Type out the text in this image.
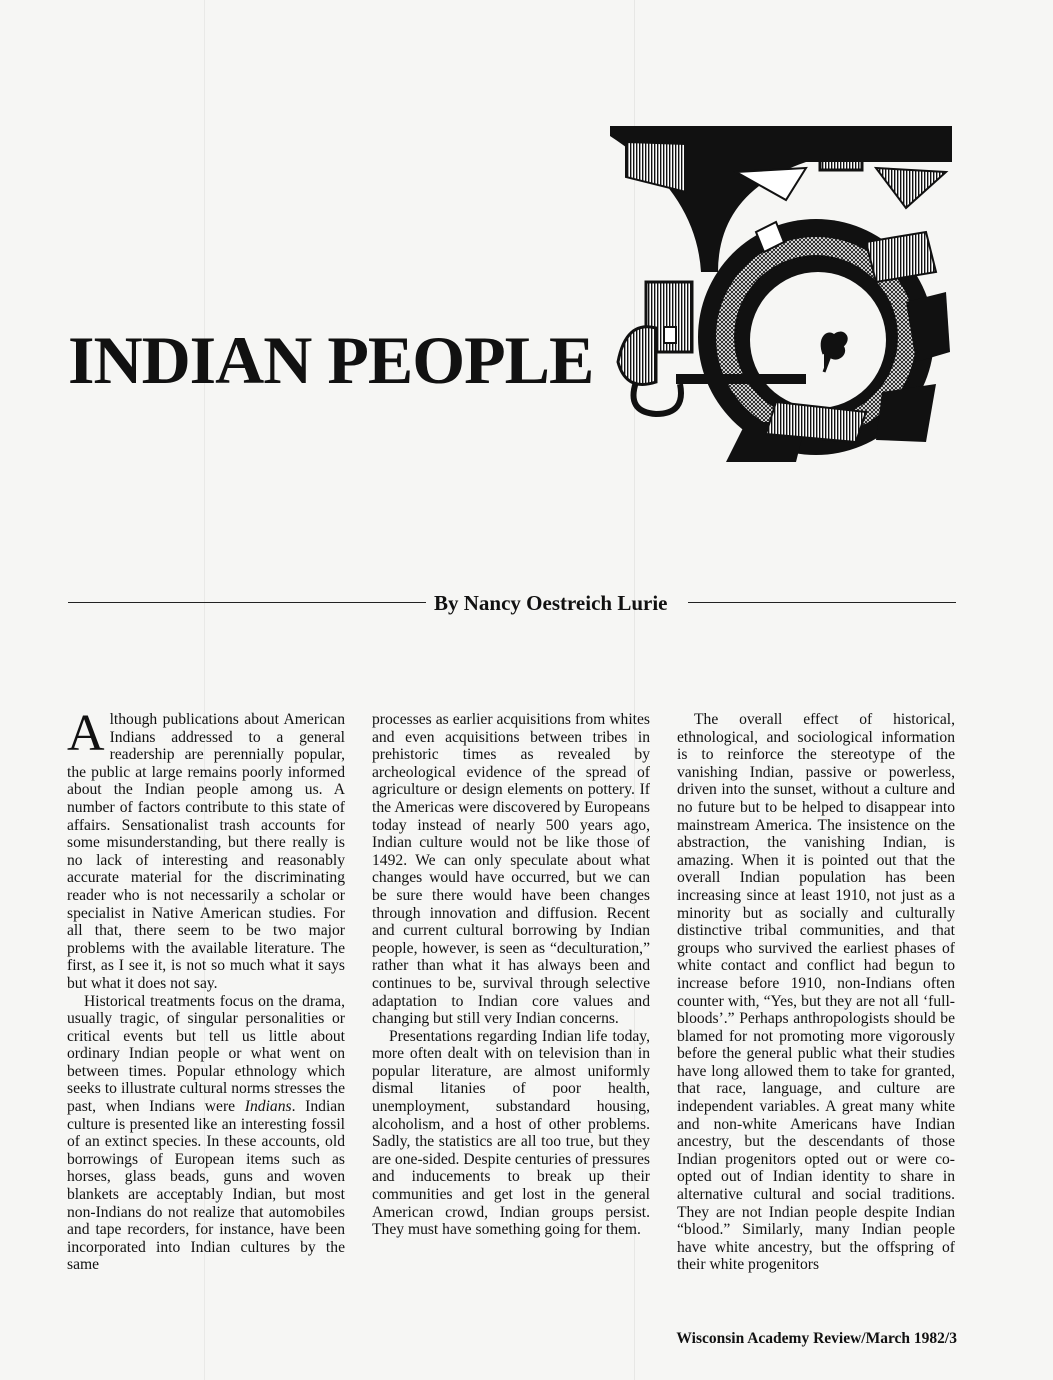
INDIAN PEOPLE

By Nancy Oestreich Lurie

Although publications about American Indians addressed to a general readership are perennially popular, the public at large remains poorly informed about the Indian people among us. A number of factors contribute to this state of affairs. Sensationalist trash accounts for some misunderstanding, but there really is no lack of interesting and reasonably accurate material for the discriminating reader who is not necessarily a scholar or specialist in Native American studies. For all that, there seem to be two major problems with the available literature. The first, as I see it, is not so much what it says but what it does not say.

Historical treatments focus on the drama, usually tragic, of singular personalities or critical events but tell us little about ordinary Indian people or what went on between times. Popular ethnology which seeks to illustrate cultural norms stresses the past, when Indians were Indians. Indian culture is presented like an interesting fossil of an extinct species. In these accounts, old borrowings of European items such as horses, glass beads, guns and woven blankets are acceptably Indian, but most non-Indians do not realize that automobiles and tape recorders, for instance, have been incorporated into Indian cultures by the same

processes as earlier acquisitions from whites and even acquisitions between tribes in prehistoric times as revealed by archeological evidence of the spread of agriculture or design elements on pottery. If the Americas were discovered by Europeans today instead of nearly 500 years ago, Indian culture would not be like those of 1492. We can only speculate about what changes would have occurred, but we can be sure there would have been changes through innovation and diffusion. Recent and current cultural borrowing by Indian people, however, is seen as “deculturation,” rather than what it has always been and continues to be, survival through selective adaptation to Indian core values and changing but still very Indian concerns.

Presentations regarding Indian life today, more often dealt with on television than in popular literature, are almost uniformly dismal litanies of poor health, unemployment, substandard housing, alcoholism, and a host of other problems. Sadly, the statistics are all too true, but they are one-sided. Despite centuries of pressures and inducements to break up their communities and get lost in the general American crowd, Indian groups persist. They must have something going for them.

The overall effect of historical, ethnological, and sociological information is to reinforce the stereotype of the vanishing Indian, passive or powerless, driven into the sunset, without a culture and no future but to be helped to disappear into mainstream America. The insistence on the abstraction, the vanishing Indian, is amazing. When it is pointed out that the overall Indian population has been increasing since at least 1910, not just as a minority but as socially and culturally distinctive tribal communities, and that groups who survived the earliest phases of white contact and conflict had begun to increase before 1910, non-Indians often counter with, “Yes, but they are not all ‘full-bloods’.” Perhaps anthropologists should be blamed for not promoting more vigorously before the general public what their studies have long allowed them to take for granted, that race, language, and culture are independent variables. A great many white and non-white Americans have Indian ancestry, but the descendants of those Indian progenitors opted out or were co-opted out of Indian identity to share in alternative cultural and social traditions. They are not Indian people despite Indian “blood.” Similarly, many Indian people have white ancestry, but the offspring of their white progenitors

Wisconsin Academy Review/March 1982/3
